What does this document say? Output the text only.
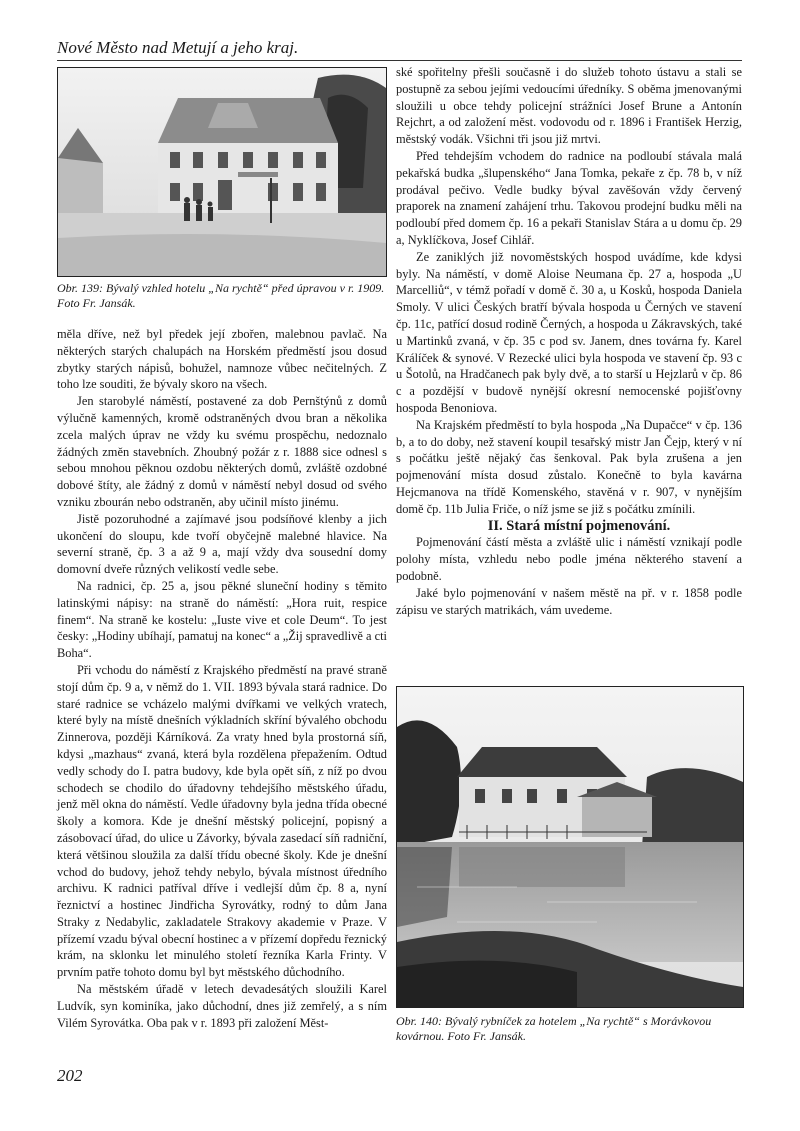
Nové Město nad Metují a jeho kraj.
Obr. 139: Bývalý vzhled hotelu „Na rychtě“ před úpravou v r. 1909. Foto Fr. Jansák.

měla dříve, než byl předek její zbořen, malebnou pavlač. Na některých starých chalupách na Horském předměstí jsou dosud zbytky starých nápisů, bohužel, namnoze vůbec nečitelných. Z toho lze souditi, že bývaly skoro na všech.

Jen starobylé náměstí, postavené za dob Pernštýnů z domů výlučně kamenných, kromě odstraněných dvou bran a několika zcela malých úprav ne vždy ku svému prospěchu, nedoznalo žádných změn stavebních. Zhoubný požár z r. 1888 sice odnesl s sebou mnohou pěknou ozdobu některých domů, zvláště ozdobné dobové štíty, ale žádný z domů v náměstí nebyl dosud od svého vzniku zbourán nebo odstraněn, aby učinil místo jinému.

Jistě pozoruhodné a zajímavé jsou podsíňové klenby a jich ukončení do sloupu, kde tvoří obyčejně malebné hlavice. Na severní straně, čp. 3 a až 9 a, mají vždy dva sousední domy domovní dveře různých velikostí vedle sebe.

Na radnici, čp. 25 a, jsou pěkné sluneční hodiny s těmito latinskými nápisy: na straně do náměstí: „Hora ruit, respice finem“. Na straně ke kostelu: „Iuste vive et cole Deum“. To jest česky: „Hodiny ubíhají, pamatuj na konec“ a „Žij spravedlivě a cti Boha“.

Při vchodu do náměstí z Krajského předměstí na pravé straně stojí dům čp. 9 a, v němž do 1. VII. 1893 bývala stará radnice. Do staré radnice se vcházelo malými dvířkami ve velkých vratech, které byly na místě dnešních výkladních skříní bývalého obchodu Zinnerova, později Kárníková. Za vraty hned byla prostorná síň, kdysi „mazhaus“ zvaná, která byla rozdělena přepažením. Odtud vedly schody do I. patra budovy, kde byla opět síň, z níž po dvou schodech se chodilo do úřadovny tehdejšího městského úřadu, jenž měl okna do náměstí. Vedle úřadovny byla jedna třída obecné školy a komora. Kde je dnešní městský policejní, popisný a zásobovací úřad, do ulice u Závorky, bývala zasedací síň radniční, která většinou sloužila za další třídu obecné školy. Kde je dnešní vchod do budovy, jehož tehdy nebylo, bývala místnost úředního archivu. K radnici patříval dříve i vedlejší dům čp. 8 a, nyní řeznictví a hostinec Jindřicha Syrovátky, rodný to dům Jana Straky z Nedabylic, zakladatele Strakovy akademie v Praze. V přízemí vzadu býval obecní hostinec a v přízemí dopředu řeznický krám, na sklonku let minulého století řezníka Karla Frinty. V prvním patře tohoto domu byl byt městského důchodního.

Na městském úřadě v letech devadesátých sloužili Karel Ludvík, syn kominíka, jako důchodní, dnes již zemřelý, a s ním Vilém Syrovátka. Oba pak v r. 1893 při založení Měst-

ské spořitelny přešli současně i do služeb tohoto ústavu a stali se postupně za sebou jejími vedoucími úředníky. S oběma jmenovanými sloužili u obce tehdy policejní strážníci Josef Brune a Antonín Rejchrt, a od založení měst. vodovodu od r. 1896 i František Herzig, městský vodák. Všichni tři jsou již mrtvi.

Před tehdejším vchodem do radnice na podloubí stávala malá pekařská budka „šlupenského“ Jana Tomka, pekaře z čp. 78 b, v níž prodával pečivo. Vedle budky býval zavěšován vždy červený praporek na znamení zahájení trhu. Takovou prodejní budku měli na podloubí před domem čp. 16 a pekaři Stanislav Stára a u domu čp. 29 a, Nyklíčkova, Josef Cihlář.

Ze zaniklých již novoměstských hospod uvádíme, kde kdysi byly. Na náměstí, v domě Aloise Neumana čp. 27 a, hospoda „U Marcelliů“, v témž pořadí v domě č. 30 a, u Kosků, hospoda Daniela Smoly. V ulici Českých bratří bývala hospoda u Černých ve stavení čp. 11c, patřící dosud rodině Černých, a hospoda u Zákravských, také u Martinků zvaná, v čp. 35 c pod sv. Janem, dnes továrna fy. Karel Králíček & synové. V Rezecké ulici byla hospoda ve stavení čp. 93 c u Šotolů, na Hradčanech pak byly dvě, a to starší u Hejzlarů v čp. 86 c a pozdější v budově nynější okresní nemocenské pojišťovny hospoda Benoniova.

Na Krajském předměstí to byla hospoda „Na Dupačce“ v čp. 136 b, a to do doby, než stavení koupil tesařský mistr Jan Čejp, který v ní s počátku ještě nějaký čas šenkoval. Pak byla zrušena a jen pojmenování místa dosud zůstalo. Konečně to byla kavárna Hejcmanova na třídě Komenského, stavěná v r. 907, v nynějším domě čp. 11b Julia Friče, o níž jsme se již s počátku zmínili.

II. Stará místní pojmenování.

Pojmenování částí města a zvláště ulic i náměstí vznikají podle polohy místa, vzhledu nebo podle jména některého stavení a podobně.

Jaké bylo pojmenování v našem městě na př. v r. 1858 podle zápisu ve starých matrikách, vám uvedeme.

Obr. 140: Bývalý rybníček za hotelem „Na rychtě“ s Morávkovou kovárnou. Foto Fr. Jansák.
202
